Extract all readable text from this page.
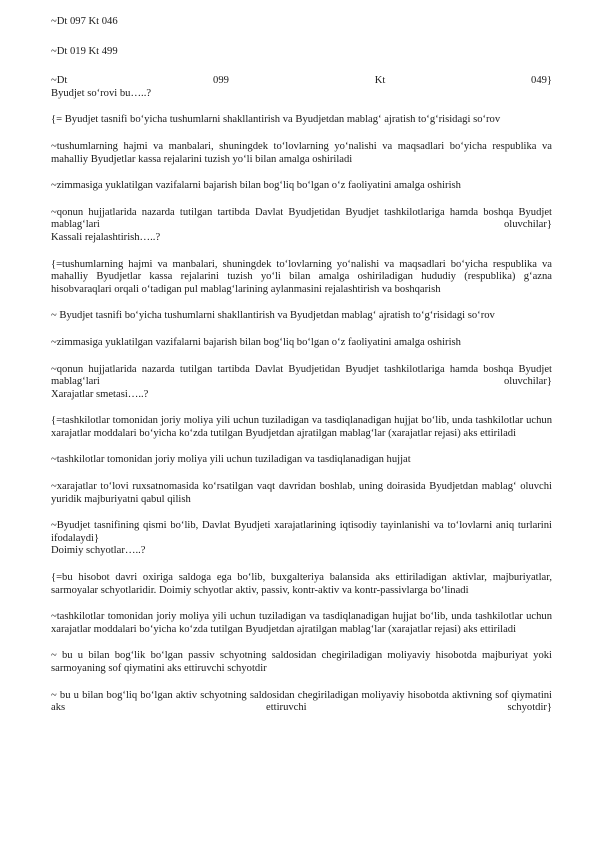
~Dt 097 Kt 046

~Dt 019 Kt 499

~Dt 099 Kt 049}

Byudjet so‘rovi bu…..?

{= Byudjet tasnifi bo‘yicha tushumlarni shakllantirish va Byudjetdan mablag‘ ajratish to‘g‘risidagi so‘rov

~tushumlarning hajmi va manbalari, shuningdek to‘lovlarning yo‘nalishi va maqsadlari bo‘yicha respublika va mahalliy Byudjetlar kassa rejalarini tuzish yo‘li bilan amalga oshiriladi

~zimmasiga yuklatilgan vazifalarni bajarish bilan bog‘liq bo‘lgan o‘z faoliyatini amalga oshirish

~qonun hujjatlarida nazarda tutilgan tartibda Davlat Byudjetidan Byudjet tashkilotlariga hamda boshqa Byudjet mablag‘lari oluvchilar}

Kassali rejalashtirish…..?

{=tushumlarning hajmi va manbalari, shuningdek to‘lovlarning yo‘nalishi va maqsadlari bo‘yicha respublika va mahalliy Byudjetlar kassa rejalarini tuzish yo‘li bilan amalga oshiriladigan hududiy (respublika) g‘azna hisobvaraqlari orqali o‘tadigan pul mablag‘larining aylanmasini rejalashtirish va boshqarish

~ Byudjet tasnifi bo‘yicha tushumlarni shakllantirish va Byudjetdan mablag‘ ajratish to‘g‘risidagi so‘rov

~zimmasiga yuklatilgan vazifalarni bajarish bilan bog‘liq bo‘lgan o‘z faoliyatini amalga oshirish

~qonun hujjatlarida nazarda tutilgan tartibda Davlat Byudjetidan Byudjet tashkilotlariga hamda boshqa Byudjet mablag‘lari oluvchilar}

Xarajatlar smetasi…..?

{=tashkilotlar tomonidan joriy moliya yili uchun tuziladigan va tasdiqlanadigan hujjat bo‘lib, unda tashkilotlar uchun xarajatlar moddalari bo‘yicha ko‘zda tutilgan Byudjetdan ajratilgan mablag‘lar (xarajatlar rejasi) aks ettiriladi

~tashkilotlar tomonidan joriy moliya yili uchun tuziladigan va tasdiqlanadigan hujjat

~xarajatlar to‘lovi ruxsatnomasida ko‘rsatilgan vaqt davridan boshlab, uning doirasida Byudjetdan mablag‘ oluvchi yuridik majburiyatni qabul qilish

~Byudjet tasnifining qismi bo‘lib, Davlat Byudjeti xarajatlarining iqtisodiy tayinlanishi va to‘lovlarni aniq turlarini ifodalaydi}

Doimiy schyotlar…..?

{=bu hisobot davri oxiriga saldoga ega bo‘lib, buxgalteriya balansida aks ettiriladigan aktivlar, majburiyatlar, sarmoyalar schyotlaridir. Doimiy schyotlar aktiv, passiv, kontr-aktiv va kontr-passivlarga bo‘linadi

~tashkilotlar tomonidan joriy moliya yili uchun tuziladigan va tasdiqlanadigan hujjat bo‘lib, unda tashkilotlar uchun xarajatlar moddalari bo‘yicha ko‘zda tutilgan Byudjetdan ajratilgan mablag‘lar (xarajatlar rejasi) aks ettiriladi

~ bu u bilan bog‘lik bo‘lgan passiv schyotning saldosidan chegiriladigan moliyaviy hisobotda majburiyat yoki sarmoyaning sof qiymatini aks ettiruvchi schyotdir

~ bu u bilan bog‘liq bo‘lgan aktiv schyotning saldosidan chegiriladigan moliyaviy hisobotda aktivning sof qiymatini aks ettiruvchi schyotdir}
